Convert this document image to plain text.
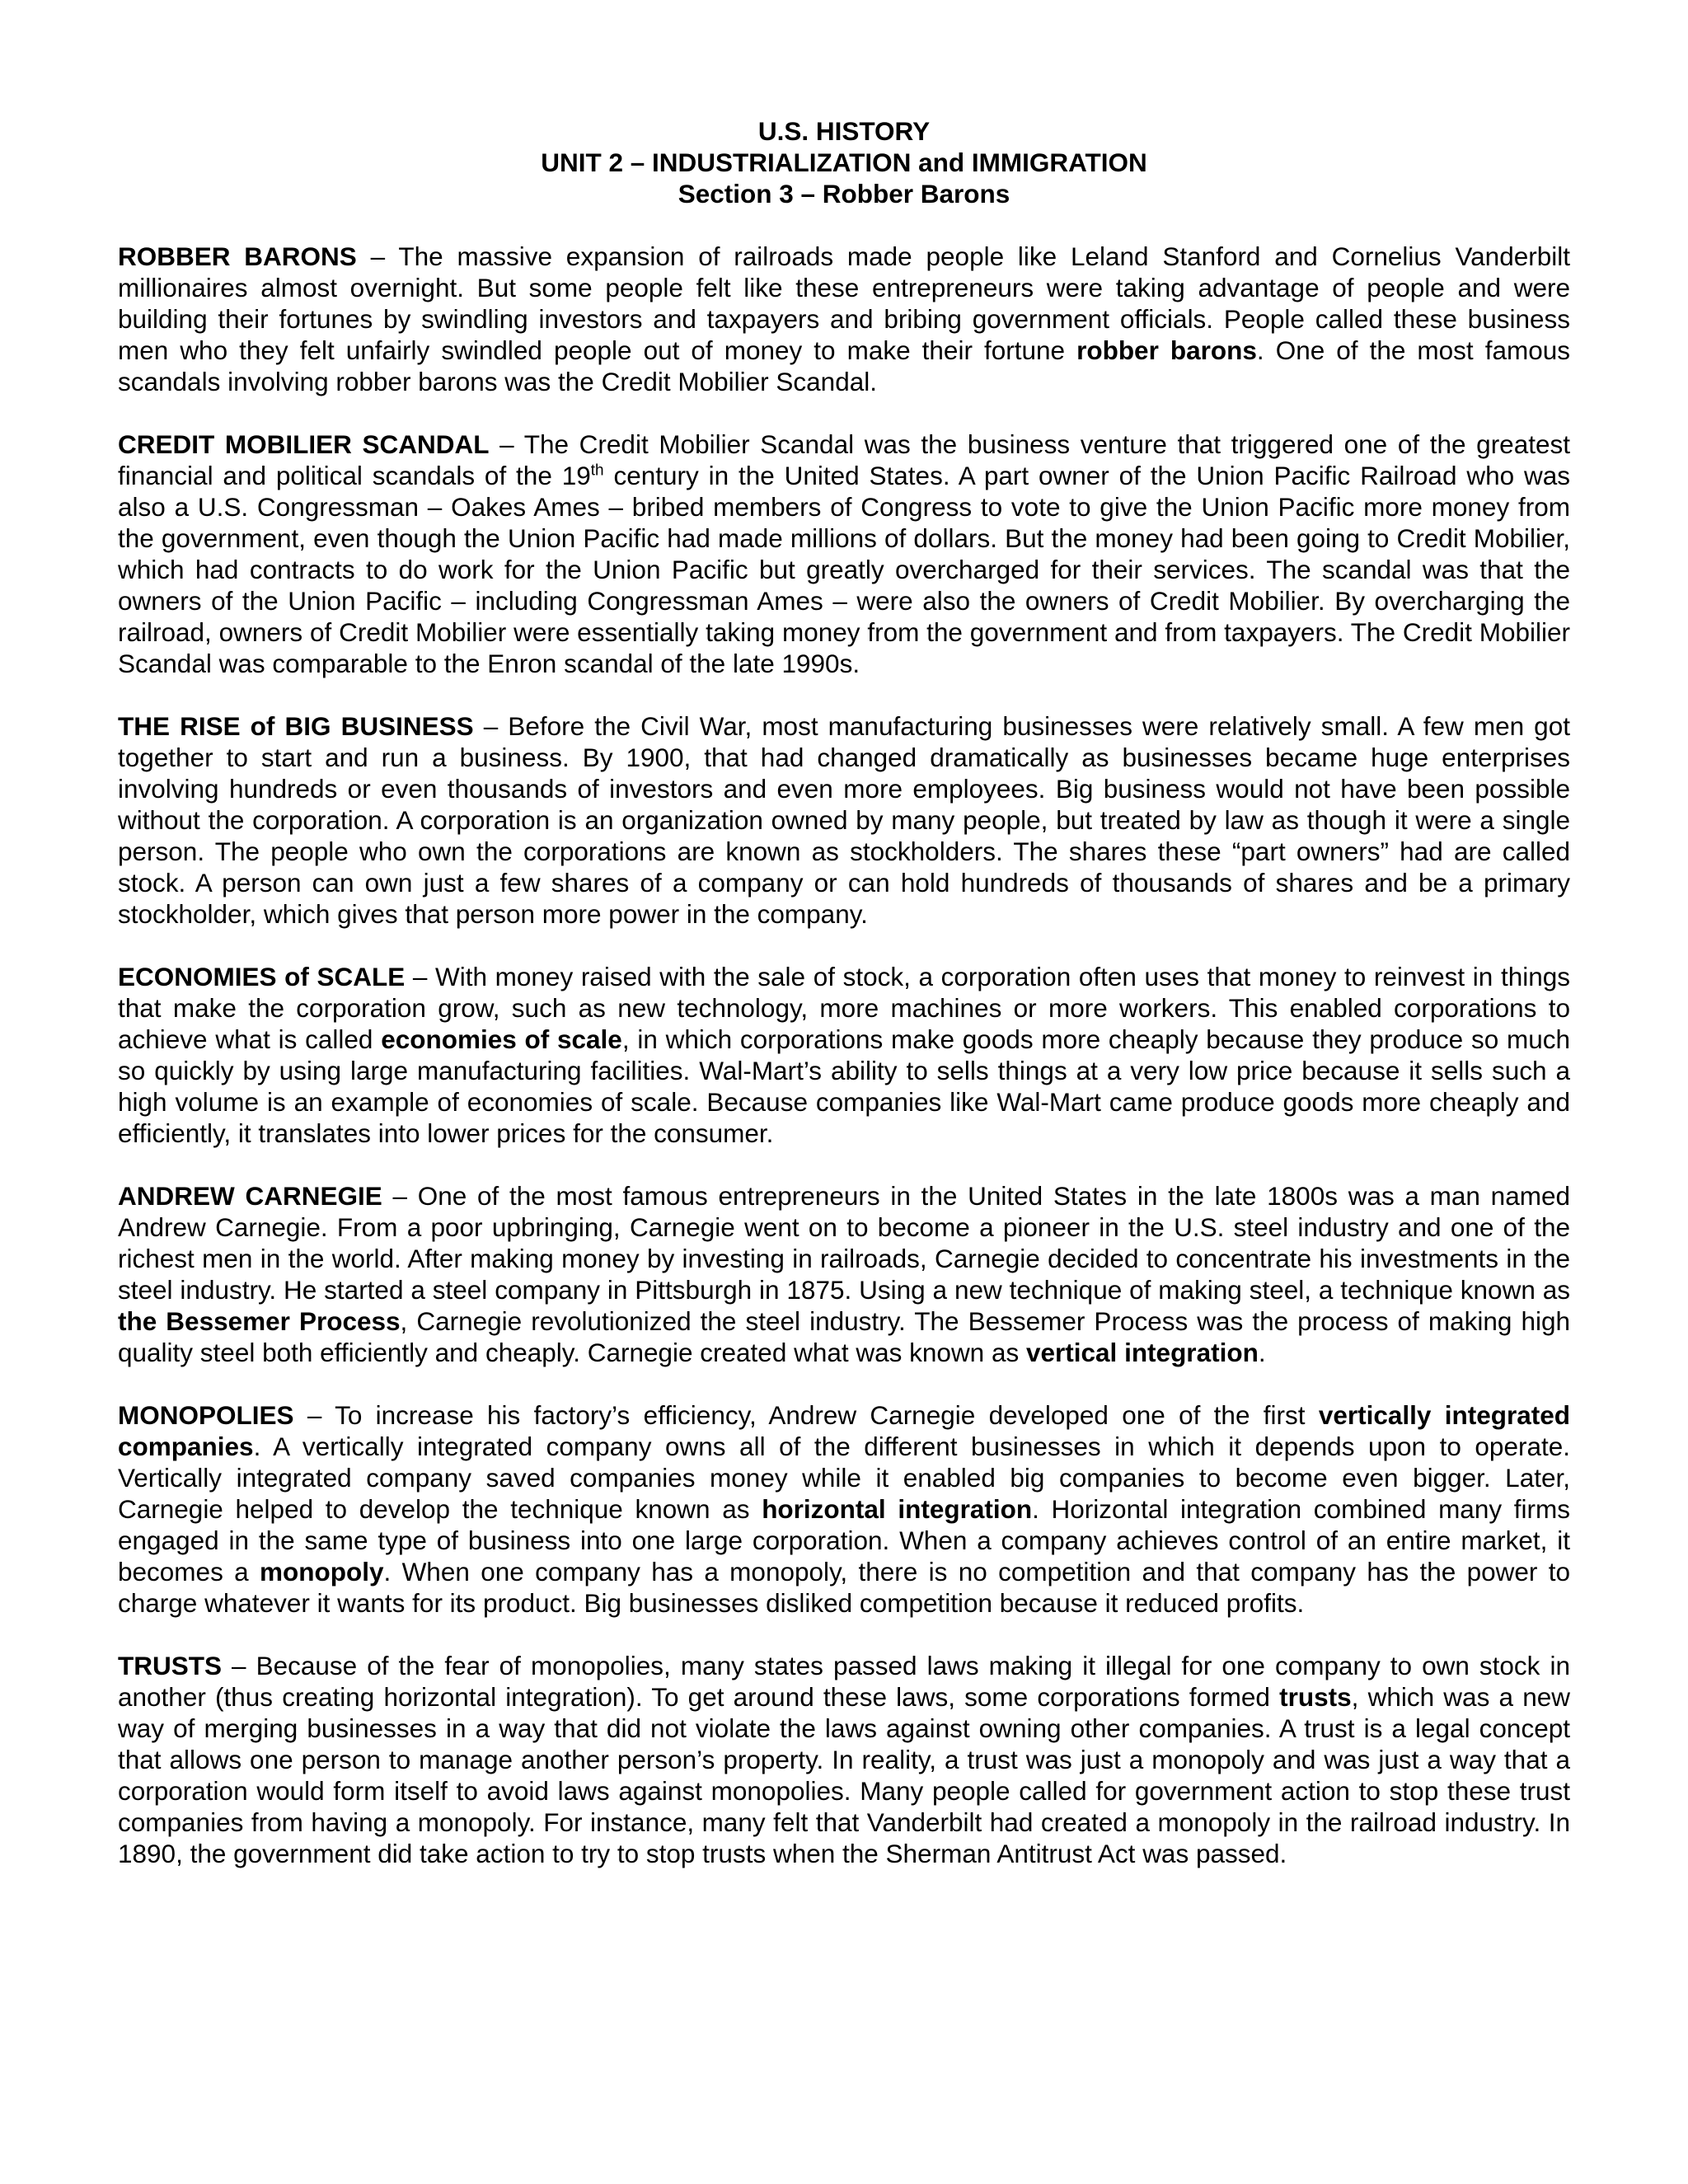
U.S. HISTORY
UNIT 2 – INDUSTRIALIZATION and IMMIGRATION
Section 3 – Robber Barons

ROBBER BARONS – The massive expansion of railroads made people like Leland Stanford and Cornelius Vanderbilt millionaires almost overnight. But some people felt like these entrepreneurs were taking advantage of people and were building their fortunes by swindling investors and taxpayers and bribing government officials. People called these business men who they felt unfairly swindled people out of money to make their fortune robber barons. One of the most famous scandals involving robber barons was the Credit Mobilier Scandal.

CREDIT MOBILIER SCANDAL – The Credit Mobilier Scandal was the business venture that triggered one of the greatest financial and political scandals of the 19th century in the United States. A part owner of the Union Pacific Railroad who was also a U.S. Congressman – Oakes Ames – bribed members of Congress to vote to give the Union Pacific more money from the government, even though the Union Pacific had made millions of dollars. But the money had been going to Credit Mobilier, which had contracts to do work for the Union Pacific but greatly overcharged for their services. The scandal was that the owners of the Union Pacific – including Congressman Ames – were also the owners of Credit Mobilier. By overcharging the railroad, owners of Credit Mobilier were essentially taking money from the government and from taxpayers. The Credit Mobilier Scandal was comparable to the Enron scandal of the late 1990s.

THE RISE of BIG BUSINESS – Before the Civil War, most manufacturing businesses were relatively small. A few men got together to start and run a business. By 1900, that had changed dramatically as businesses became huge enterprises involving hundreds or even thousands of investors and even more employees. Big business would not have been possible without the corporation. A corporation is an organization owned by many people, but treated by law as though it were a single person. The people who own the corporations are known as stockholders. The shares these “part owners” had are called stock. A person can own just a few shares of a company or can hold hundreds of thousands of shares and be a primary stockholder, which gives that person more power in the company.

ECONOMIES of SCALE – With money raised with the sale of stock, a corporation often uses that money to reinvest in things that make the corporation grow, such as new technology, more machines or more workers. This enabled corporations to achieve what is called economies of scale, in which corporations make goods more cheaply because they produce so much so quickly by using large manufacturing facilities. Wal-Mart’s ability to sells things at a very low price because it sells such a high volume is an example of economies of scale. Because companies like Wal-Mart came produce goods more cheaply and efficiently, it translates into lower prices for the consumer.

ANDREW CARNEGIE – One of the most famous entrepreneurs in the United States in the late 1800s was a man named Andrew Carnegie. From a poor upbringing, Carnegie went on to become a pioneer in the U.S. steel industry and one of the richest men in the world. After making money by investing in railroads, Carnegie decided to concentrate his investments in the steel industry. He started a steel company in Pittsburgh in 1875. Using a new technique of making steel, a technique known as the Bessemer Process, Carnegie revolutionized the steel industry. The Bessemer Process was the process of making high quality steel both efficiently and cheaply. Carnegie created what was known as vertical integration.

MONOPOLIES – To increase his factory’s efficiency, Andrew Carnegie developed one of the first vertically integrated companies. A vertically integrated company owns all of the different businesses in which it depends upon to operate. Vertically integrated company saved companies money while it enabled big companies to become even bigger. Later, Carnegie helped to develop the technique known as horizontal integration. Horizontal integration combined many firms engaged in the same type of business into one large corporation. When a company achieves control of an entire market, it becomes a monopoly. When one company has a monopoly, there is no competition and that company has the power to charge whatever it wants for its product. Big businesses disliked competition because it reduced profits.

TRUSTS – Because of the fear of monopolies, many states passed laws making it illegal for one company to own stock in another (thus creating horizontal integration). To get around these laws, some corporations formed trusts, which was a new way of merging businesses in a way that did not violate the laws against owning other companies. A trust is a legal concept that allows one person to manage another person’s property. In reality, a trust was just a monopoly and was just a way that a corporation would form itself to avoid laws against monopolies. Many people called for government action to stop these trust companies from having a monopoly. For instance, many felt that Vanderbilt had created a monopoly in the railroad industry. In 1890, the government did take action to try to stop trusts when the Sherman Antitrust Act was passed.
